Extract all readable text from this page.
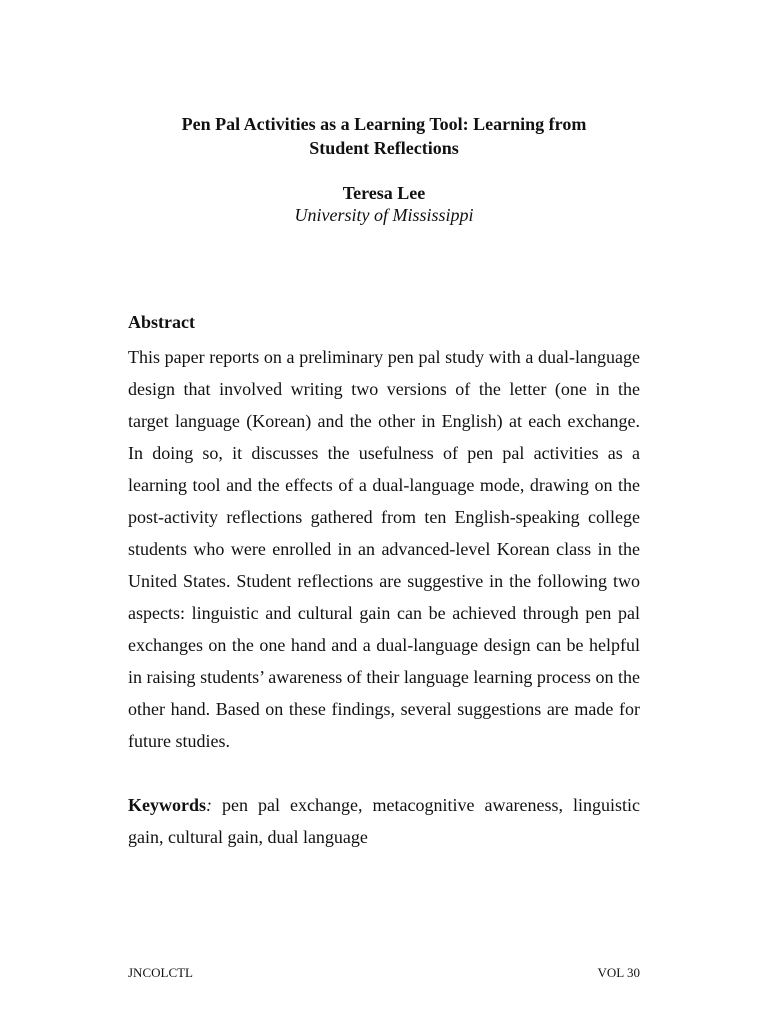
Pen Pal Activities as a Learning Tool: Learning from
Student Reflections
Teresa Lee
University of Mississippi
Abstract

This paper reports on a preliminary pen pal study with a dual-language design that involved writing two versions of the letter (one in the target language (Korean) and the other in English) at each exchange. In doing so, it discusses the usefulness of pen pal activities as a learning tool and the effects of a dual-language mode, drawing on the post-activity reflections gathered from ten English-speaking college students who were enrolled in an advanced-level Korean class in the United States. Student reflections are suggestive in the following two aspects: linguistic and cultural gain can be achieved through pen pal exchanges on the one hand and a dual-language design can be helpful in raising students’ awareness of their language learning process on the other hand. Based on these findings, several suggestions are made for future studies.

Keywords: pen pal exchange, metacognitive awareness, linguistic gain, cultural gain, dual language

JNCOLCTL	VOL 30
